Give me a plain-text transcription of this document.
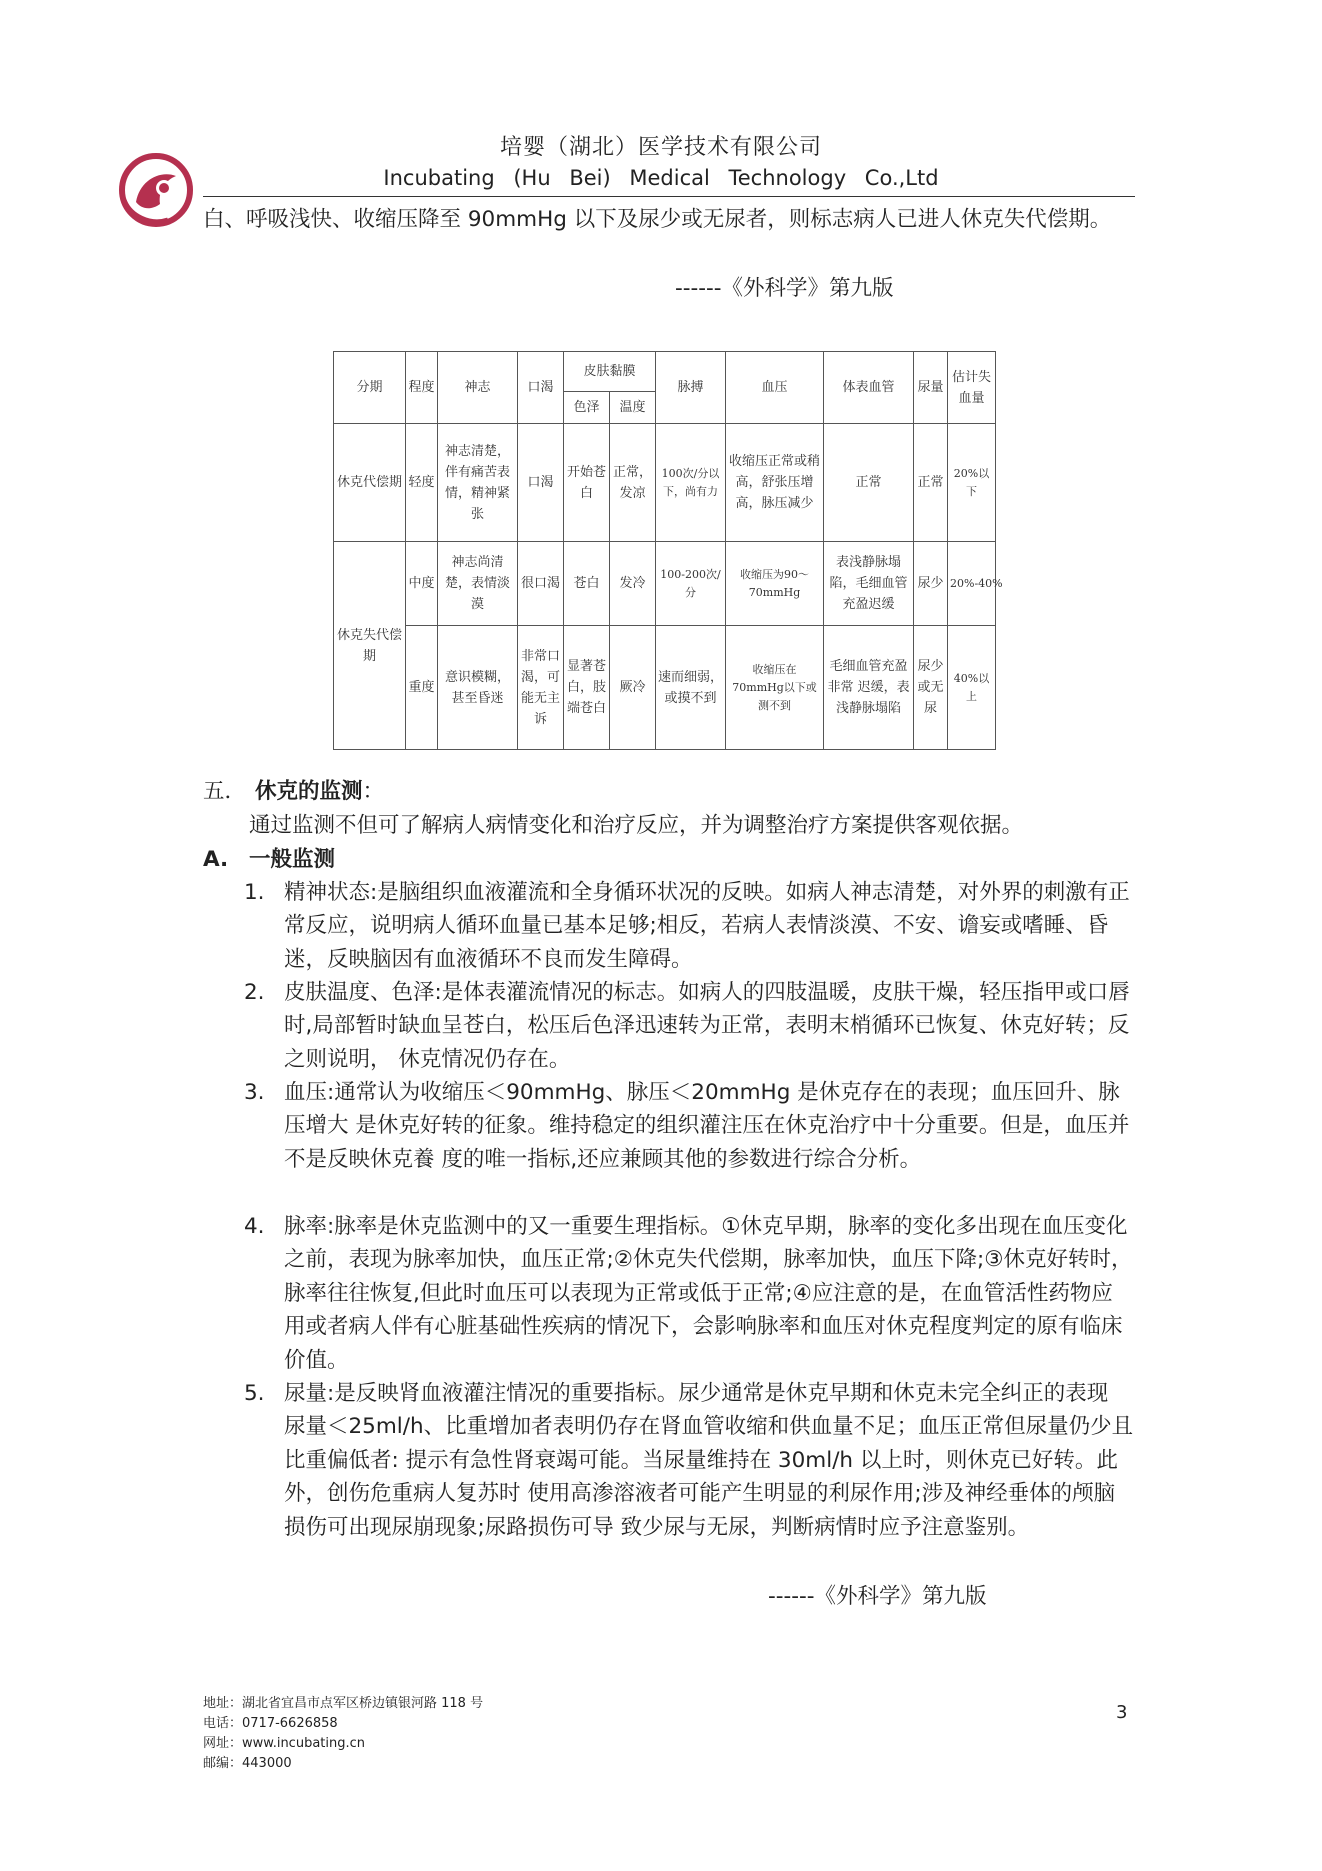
培婴（湖北）医学技术有限公司
Incubating (Hu Bei) Medical Technology Co.,Ltd
白、呼吸浅快、收缩压降至 90mmHg 以下及尿少或无尿者，则标志病人已进人休克失代偿期。
------《外科学》第九版
分期	程度	神志	口渴	皮肤黏膜		脉搏	血压	体表血管	尿量	估计失血量
				色泽	温度					
休克代偿期	轻度	神志清楚，伴有痛苦表情，精神紧张	口渴	开始苍白	正常，发凉	100次/分以下，尚有力	收缩压正常或稍高，舒张压增高，脉压减少	正常	正常	20%以下
休克失代偿期	中度	神志尚清楚，表情淡漠	很口渴	苍白	发冷	100-200次/分	收缩压为90～70mmHg	表浅静脉塌陷，毛细血管充盈迟缓	尿少	20%-40%
	重度	意识模糊，甚至昏迷	非常口渴，可能无主诉	显著苍白，肢端苍白	厥冷	速而细弱，或摸不到	收缩压在70mmHg以下或测不到	毛细血管充盈非常 迟缓，表浅静脉塌陷	尿少或无尿	40%以上
五． 休克的监测：
通过监测不但可了解病人病情变化和治疗反应，并为调整治疗方案提供客观依据。
A. 一般监测
1. 精神状态:是脑组织血液灌流和全身循环状况的反映。如病人神志清楚，对外界的刺激有正常反应，说明病人循环血量已基本足够;相反，若病人表情淡漠、不安、谵妄或嗜睡、昏迷，反映脑因有血液循环不良而发生障碍。
2. 皮肤温度、色泽:是体表灌流情况的标志。如病人的四肢温暖，皮肤干燥，轻压指甲或口唇时,局部暂时缺血呈苍白，松压后色泽迅速转为正常，表明末梢循环已恢复、休克好转；反之则说明， 休克情况仍存在。
3. 血压:通常认为收缩压＜90mmHg、脉压＜20mmHg 是休克存在的表现；血压回升、脉压增大 是休克好转的征象。维持稳定的组织灌注压在休克治疗中十分重要。但是，血压并不是反映休克養 度的唯一指标,还应兼顾其他的参数进行综合分析。
4. 脉率:脉率是休克监测中的又一重要生理指标。①休克早期，脉率的变化多出现在血压变化之前，表现为脉率加快，血压正常;②休克失代偿期，脉率加快，血压下降;③休克好转时，脉率往往恢复,但此时血压可以表现为正常或低于正常;④应注意的是，在血管活性药物应用或者病人伴有心脏基础性疾病的情况下，会影响脉率和血压对休克程度判定的原有临床价值。
5. 尿量:是反映肾血液灌注情况的重要指标。尿少通常是休克早期和休克未完全纠正的表现 尿量＜25ml/h、比重增加者表明仍存在肾血管收缩和供血量不足；血压正常但尿量仍少且比重偏低者: 提示有急性肾衰竭可能。当尿量维持在 30ml/h 以上时，则休克已好转。此外，创伤危重病人复苏时 使用高渗溶液者可能产生明显的利尿作用;涉及神经垂体的颅脑损伤可出现尿崩现象;尿路损伤可导 致少尿与无尿，判断病情时应予注意鉴别。
------《外科学》第九版
地址：湖北省宜昌市点军区桥边镇银河路 118 号
电话：0717-6626858
网址：www.incubating.cn
邮编：443000
3
